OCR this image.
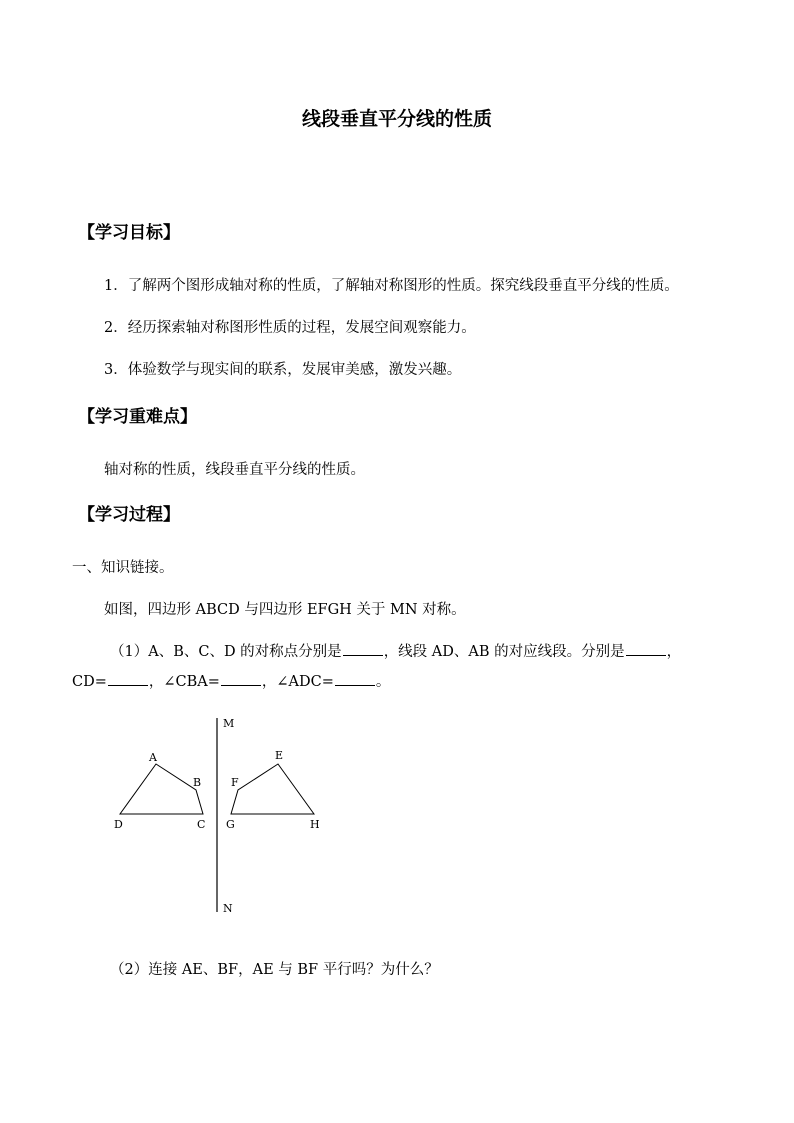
线段垂直平分线的性质
【学习目标】
1．了解两个图形成轴对称的性质，了解轴对称图形的性质。探究线段垂直平分线的性质。
2．经历探索轴对称图形性质的过程，发展空间观察能力。
3．体验数学与现实间的联系，发展审美感，激发兴趣。
【学习重难点】
轴对称的性质，线段垂直平分线的性质。
【学习过程】
一、知识链接。
如图，四边形 ABCD 与四边形 EFGH 关于 MN 对称。
（1）A、B、C、D 的对称点分别是	，线段 AD、AB 的对应线段。分别是	，
CD=	，∠CBA=	，∠ADC=	。
M
N
A
B
C
D
E
F
G	H
（2）连接 AE、BF，AE 与 BF 平行吗？为什么？
